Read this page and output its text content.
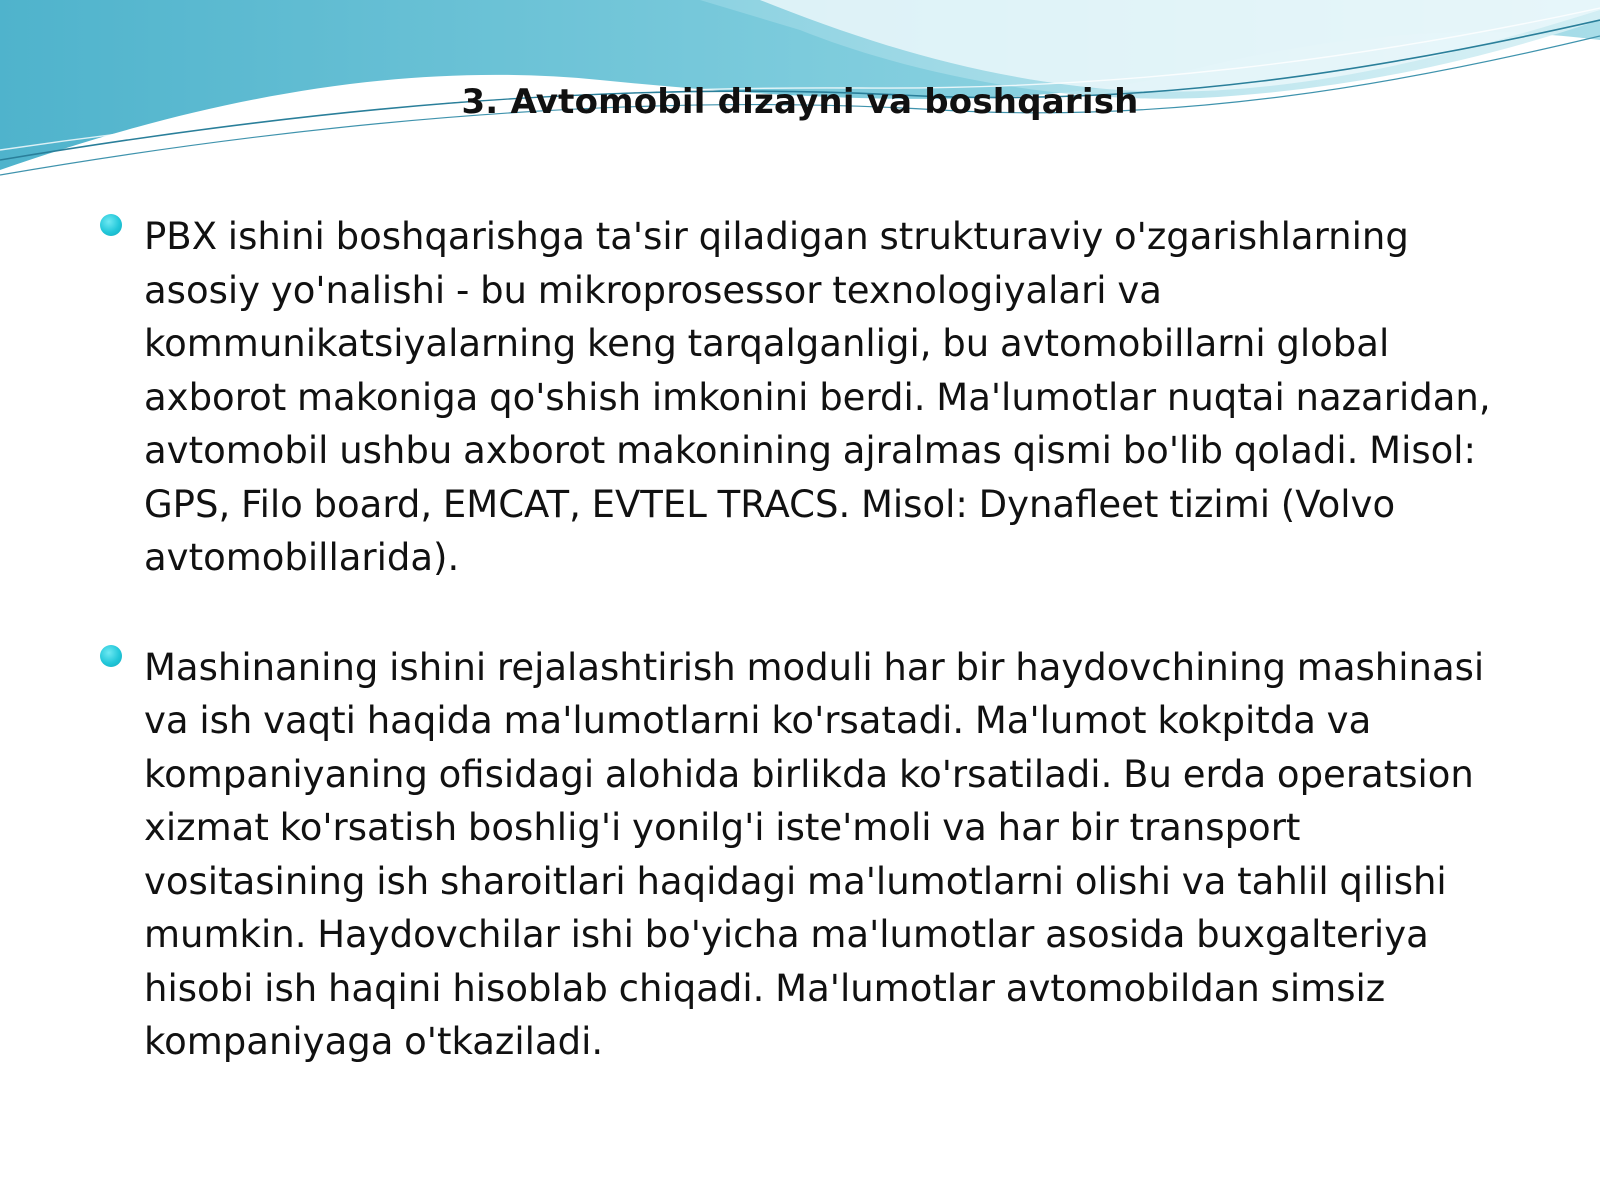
3. Avtomobil dizayni va boshqarish
PBX ishini boshqarishga ta'sir qiladigan strukturaviy o'zgarishlarning asosiy yo'nalishi - bu mikroprosessor texnologiyalari va kommunikatsiyalarning keng tarqalganligi, bu avtomobillarni global axborot makoniga qo'shish imkonini berdi. Ma'lumotlar nuqtai nazaridan, avtomobil ushbu axborot makonining ajralmas qismi bo'lib qoladi. Misol: GPS, Filo board, EMCAT, EVTEL TRACS. Misol: Dynafleet tizimi (Volvo avtomobillarida).
Mashinaning ishini rejalashtirish moduli har bir haydovchining mashinasi va ish vaqti haqida ma'lumotlarni ko'rsatadi. Ma'lumot kokpitda va kompaniyaning ofisidagi alohida birlikda ko'rsatiladi. Bu erda operatsion xizmat ko'rsatish boshlig'i yonilg'i iste'moli va har bir transport vositasining ish sharoitlari haqidagi ma'lumotlarni olishi va tahlil qilishi mumkin. Haydovchilar ishi bo'yicha ma'lumotlar asosida buxgalteriya hisobi ish haqini hisoblab chiqadi. Ma'lumotlar avtomobildan simsiz kompaniyaga o'tkaziladi.
